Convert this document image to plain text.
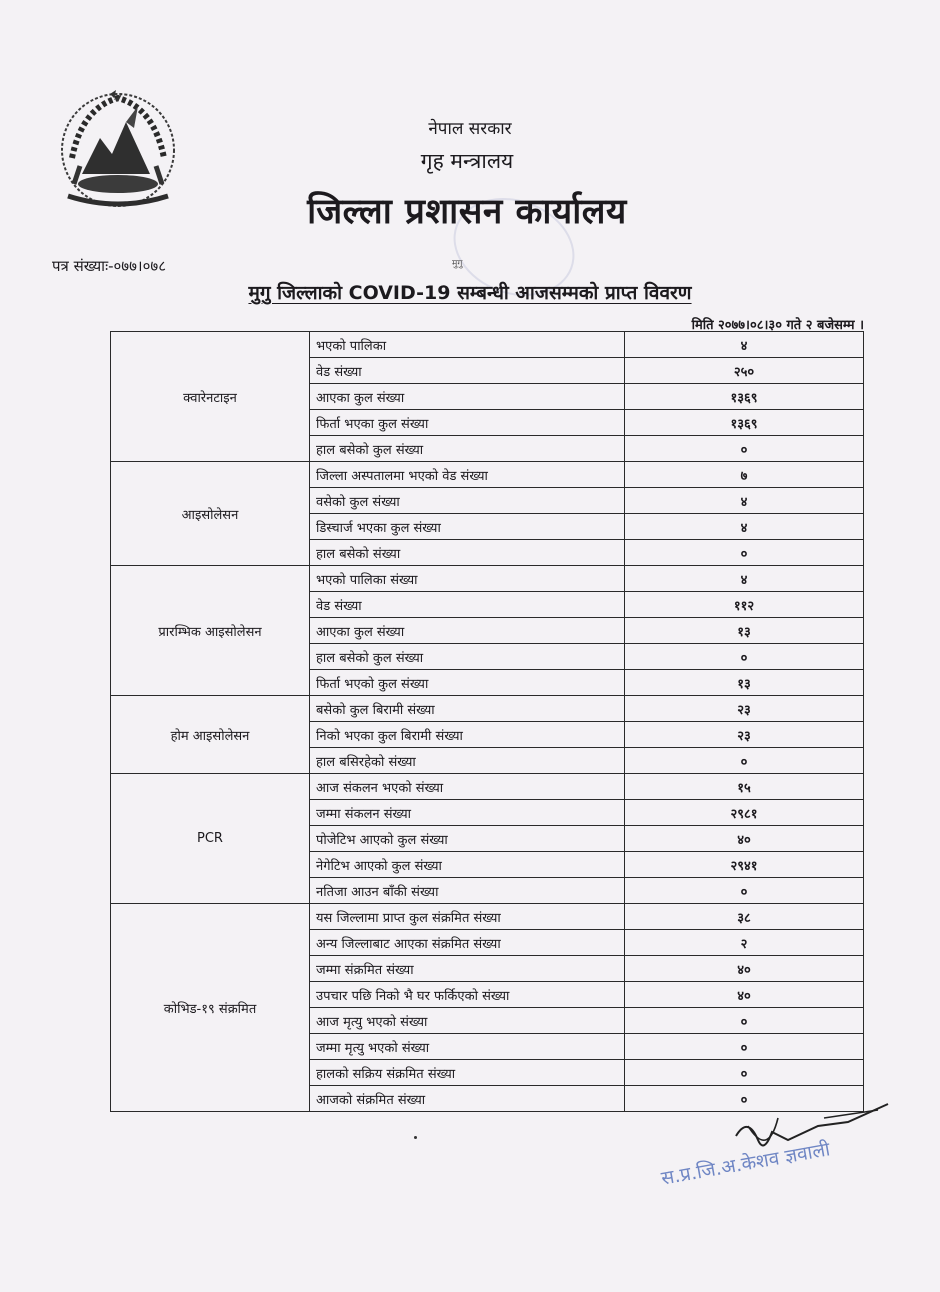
नेपाल सरकार
गृह मन्त्रालय
जिल्ला प्रशासन कार्यालय
मुगु
पत्र संख्याः-०७७।०७८
मुगु जिल्लाको COVID-19 सम्बन्धी आजसम्मको प्राप्त विवरण
मिति २०७७।०८।३० गते २ बजेसम्म ।
क्वारेनटाइन	भएको पालिका	४
	वेड संख्या	२५०
	आएका कुल संख्या	१३६९
	फिर्ता भएका कुल संख्या	१३६९
	हाल बसेको कुल संख्या	०
आइसोलेसन	जिल्ला अस्पतालमा भएको वेड संख्या	७
	वसेको कुल संख्या	४
	डिस्चार्ज भएका कुल संख्या	४
	हाल बसेको संख्या	०
प्रारम्भिक आइसोलेसन	भएको पालिका संख्या	४
	वेड संख्या	११२
	आएका कुल संख्या	१३
	हाल बसेको कुल संख्या	०
	फिर्ता भएको कुल संख्या	१३
होम आइसोलेसन	बसेको कुल बिरामी संख्या	२३
	निको भएका कुल बिरामी संख्या	२३
	हाल बसिरहेको संख्या	०
PCR	आज संकलन भएको संख्या	१५
	जम्मा संकलन संख्या	२९८१
	पोजेटिभ आएको कुल संख्या	४०
	नेगेटिभ आएको कुल संख्या	२९४१
	नतिजा आउन बाँकी संख्या	०
कोभिड-१९ संक्रमित	यस जिल्लामा प्राप्त कुल संक्रमित संख्या	३८
	अन्य जिल्लाबाट आएका संक्रमित संख्या	२
	जम्मा संक्रमित संख्या	४०
	उपचार पछि निको भै घर फर्किएको संख्या	४०
	आज मृत्यु भएको संख्या	०
	जम्मा मृत्यु भएको संख्या	०
	हालको सक्रिय संक्रमित संख्या	०
	आजको संक्रमित संख्या	०
स.प्र.जि.अ.केशव ज्ञवाली
